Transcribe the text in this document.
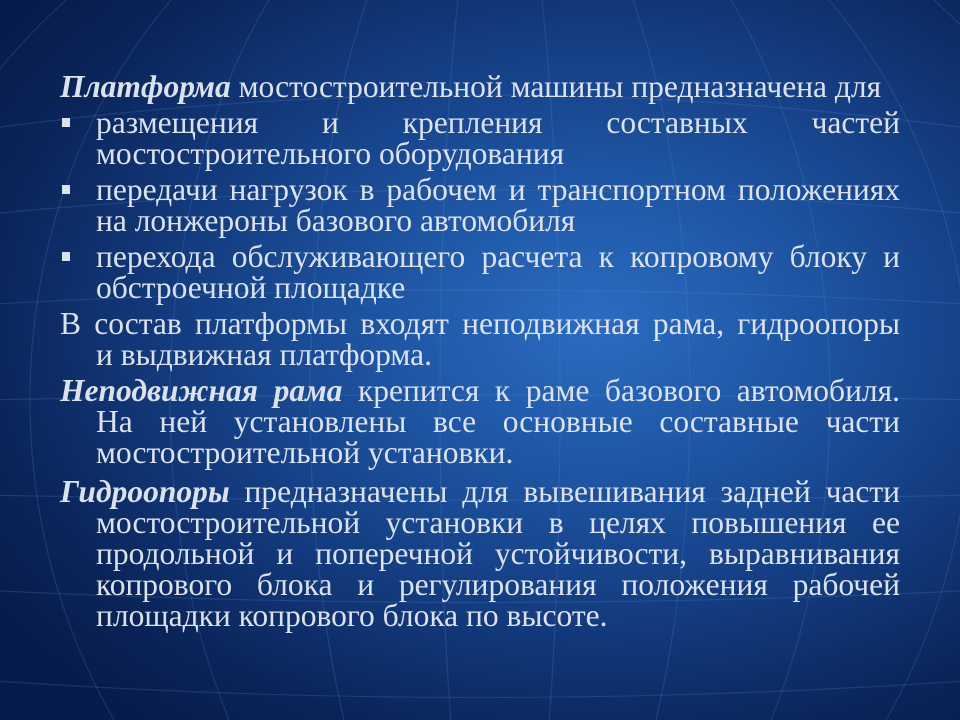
Платформа мостостроительной машины предназначена для
размещения и крепления составных частей
мостостроительного оборудования
передачи нагрузок в рабочем и транспортном положениях
на лонжероны базового автомобиля
перехода обслуживающего расчета к копровому блоку и
обстроечной площадке
В состав платформы входят неподвижная рама, гидроопоры
и выдвижная платформа.
Неподвижная рама крепится к раме базового автомобиля.
На ней установлены все основные составные части
мостостроительной установки.
Гидроопоры предназначены для вывешивания задней части
мостостроительной установки в целях повышения ее
продольной и поперечной устойчивости, выравнивания
копрового блока и регулирования положения рабочей
площадки копрового блока по высоте.
